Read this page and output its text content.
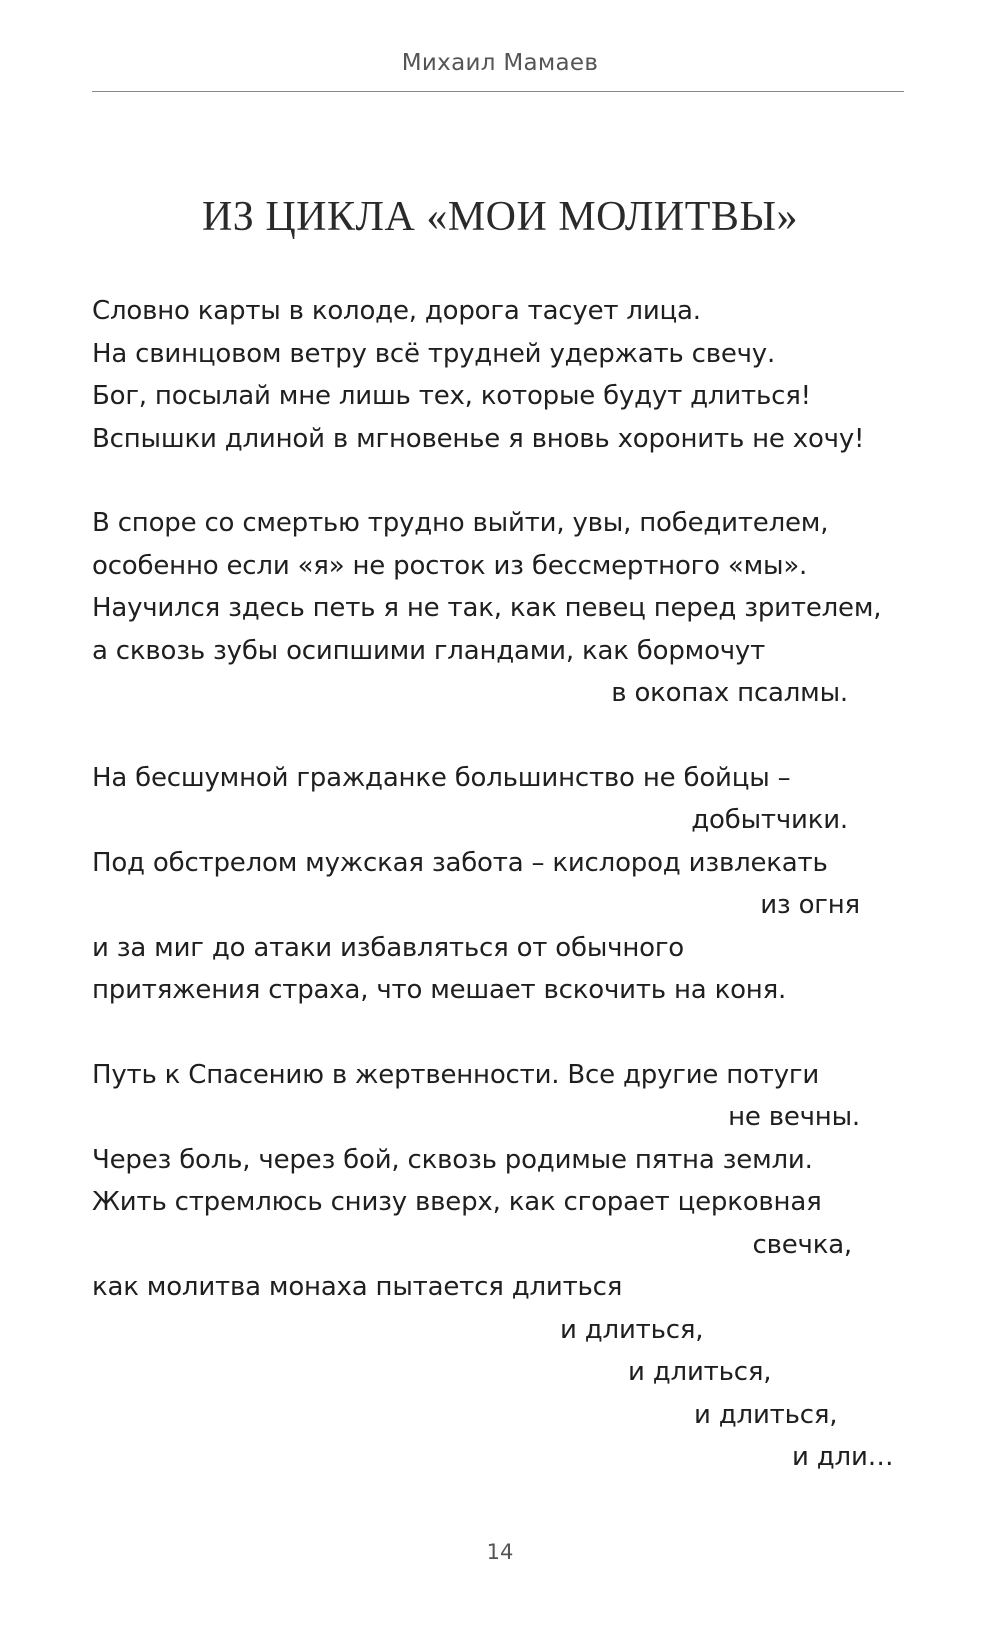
Михаил Мамаев
ИЗ ЦИКЛА «МОИ МОЛИТВЫ»
Словно карты в колоде, дорога тасует лица.
На свинцовом ветру всё трудней удержать свечу.
Бог, посылай мне лишь тех, которые будут длиться!
Вспышки длиной в мгновенье я вновь хоронить не хочу!
В споре со смертью трудно выйти, увы, победителем,
особенно если «я» не росток из бессмертного «мы».
Научился здесь петь я не так, как певец перед зрителем,
а сквозь зубы осипшими гландами, как бормочут
в окопах псалмы.
На бесшумной гражданке большинство не бойцы –
добытчики.
Под обстрелом мужская забота – кислород извлекать
из огня
и за миг до атаки избавляться от обычного
притяжения страха, что мешает вскочить на коня.
Путь к Спасению в жертвенности. Все другие потуги
не вечны.
Через боль, через бой, сквозь родимые пятна земли.
Жить стремлюсь снизу вверх, как сгорает церковная
свечка,
как молитва монаха пытается длиться
и длиться,
и длиться,
и длиться,
и дли…
14
